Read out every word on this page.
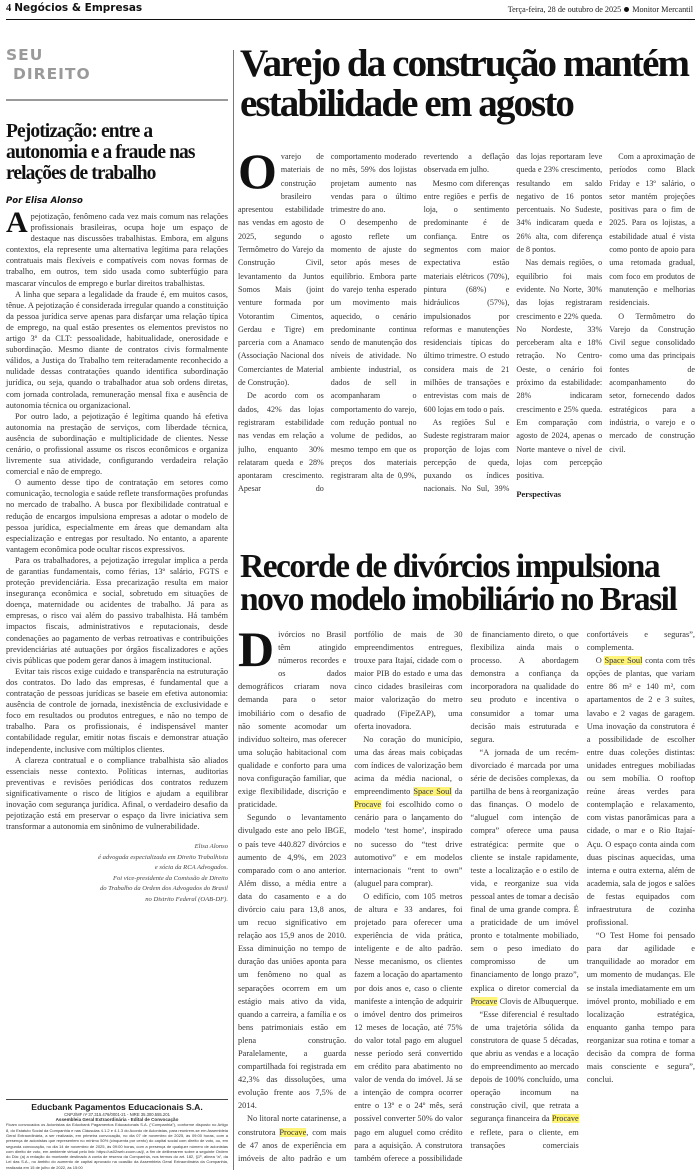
4 Negócios & Empresas	Terça-feira, 28 de outubro de 2025 Monitor Mercantil
SEU
DIREITO
Pejotização: entre a autonomia e a fraude nas relações de trabalho
Por Elisa Alonso

Apejotização, fenômeno cada vez mais comum nas relações profissionais brasileiras, ocupa hoje um espaço de destaque nas discussões trabalhistas. Embora, em alguns contextos, ela represente uma alternativa legítima para relações contratuais mais flexíveis e compatíveis com novas formas de trabalho, em outros, tem sido usada como subterfúgio para mascarar vínculos de emprego e burlar direitos trabalhistas.

A linha que separa a legalidade da fraude é, em muitos casos, tênue. A pejotização é considerada irregular quando a constituição da pessoa jurídica serve apenas para disfarçar uma relação típica de emprego, na qual estão presentes os elementos previstos no artigo 3º da CLT: pessoalidade, habitualidade, onerosidade e subordinação. Mesmo diante de contratos civis formalmente válidos, a Justiça do Trabalho tem reiteradamente reconhecido a nulidade dessas contratações quando identifica subordinação jurídica, ou seja, quando o trabalhador atua sob ordens diretas, com jornada controlada, remuneração mensal fixa e ausência de autonomia técnica ou organizacional.

Por outro lado, a pejotização é legítima quando há efetiva autonomia na prestação de serviços, com liberdade técnica, ausência de subordinação e multiplicidade de clientes. Nesse cenário, o profissional assume os riscos econômicos e organiza livremente sua atividade, configurando verdadeira relação comercial e não de emprego.

O aumento desse tipo de contratação em setores como comunicação, tecnologia e saúde reflete transformações profundas no mercado de trabalho. A busca por flexibilidade contratual e redução de encargos impulsiona empresas a adotar o modelo de pessoa jurídica, especialmente em áreas que demandam alta especialização e entregas por resultado. No entanto, a aparente vantagem econômica pode ocultar riscos expressivos.

Para os trabalhadores, a pejotização irregular implica a perda de garantias fundamentais, como férias, 13º salário, FGTS e proteção previdenciária. Essa precarização resulta em maior insegurança econômica e social, sobretudo em situações de doença, maternidade ou acidentes de trabalho. Já para as empresas, o risco vai além do passivo trabalhista. Há também impactos fiscais, administrativos e reputacionais, desde condenações ao pagamento de verbas retroativas e contribuições previdenciárias até autuações por órgãos fiscalizadores e ações civis públicas que podem gerar danos à imagem institucional.

Evitar tais riscos exige cuidado e transparência na estruturação dos contratos. Do lado das empresas, é fundamental que a contratação de pessoas jurídicas se baseie em efetiva autonomia: ausência de controle de jornada, inexistência de exclusividade e foco em resultados ou produtos entregues, e não no tempo de trabalho. Para os profissionais, é indispensável manter contabilidade regular, emitir notas fiscais e demonstrar atuação independente, inclusive com múltiplos clientes.

A clareza contratual e o compliance trabalhista são aliados essenciais nesse contexto. Políticas internas, auditorias preventivas e revisões periódicas dos contratos reduzem significativamente o risco de litígios e ajudam a equilibrar inovação com segurança jurídica. Afinal, o verdadeiro desafio da pejotização está em preservar o espaço da livre iniciativa sem transformar a autonomia em sinônimo de vulnerabilidade.

Elisa Alonso
é advogada especializada em Direito Trabalhista
e sócia da RCA Advogados.
Foi vice-presidente da Comissão de Direito
do Trabalho da Ordem dos Advogados do Brasil
no Distrito Federal (OAB-DF).
Educbank Pagamentos Educacionais S.A.
CNPJ/MF nº 37.315.476/0001-21 - NIRE 35.300.555.201
Assembleia Geral Extraordinária - Edital de Convocação
Ficam convocados os Acionistas da Educbank Pagamentos Educacionais S.A. (“Companhia”), conforme disposto no Artigo 8, do Estatuto Social da Companhia e nas Cláusulas 4.1.2 e 4.1.3 do Acordo de Acionistas, para reunirem-se em Assembleia Geral Extraordinária, a ser realizada, em primeira convocação, no dia 07 de novembro de 2025, às 09:00 horas, com a presença de acionistas que representem no mínimo 50% (cinquenta por cento) do capital social com direito de voto, ou, em segunda convocação, no dia 14 de novembro de 2025, às 09:00 horas, com a presença de qualquer número de acionistas com direito de voto, em ambiente virtual pelo link: https://us02web.zoom.us/j/, a fim de deliberarem sobre a seguinte Ordem do Dia: (a) a redação do montante destinado à conta de reserva da Companhia, nos termos do art. 182, §1º, alínea “a”, da Lei das S.A., no âmbito do aumento de capital aprovado na ocasião da Assembleia Geral Extraordinária da Companhia, realizada em 15 de julho de 2022, às 15:00
Varejo da construção mantém
estabilidade em agosto

Ovarejo de materiais de construção brasileiro apresentou estabilidade nas vendas em agosto de 2025, segundo o Termômetro do Varejo da Construção Civil, levantamento da Juntos Somos Mais (joint venture formada por Votorantim Cimentos, Gerdau e Tigre) em parceria com a Anamaco (Associação Nacional dos Comerciantes de Material de Construção).

De acordo com os dados, 42% das lojas registraram estabilidade nas vendas em relação a julho, enquanto 30% relataram queda e 28% apontaram crescimento. Apesar do comportamento moderado no mês, 59% dos lojistas projetam aumento nas vendas para o último trimestre do ano.

O desempenho de agosto reflete um momento de ajuste do setor após meses de equilíbrio. Embora parte do varejo tenha esperado um movimento mais aquecido, o cenário predominante continua sendo de manutenção dos níveis de atividade. No ambiente industrial, os dados de sell in acompanharam o comportamento do varejo, com redução pontual no volume de pedidos, ao mesmo tempo em que os preços dos materiais registraram alta de 0,9%, revertendo a deflação observada em julho.

Mesmo com diferenças entre regiões e perfis de loja, o sentimento predominante é de confiança. Entre os segmentos com maior expectativa estão materiais elétricos (70%), pintura (68%) e hidráulicos (57%), impulsionados por reformas e manutenções residenciais típicas do último trimestre. O estudo considera mais de 21 milhões de transações e entrevistas com mais de 600 lojas em todo o país.

As regiões Sul e Sudeste registraram maior proporção de lojas com percepção de queda, puxando os índices nacionais. No Sul, 39% das lojas reportaram leve queda e 23% crescimento, resultando em saldo negativo de 16 pontos percentuais. No Sudeste, 34% indicaram queda e 26% alta, com diferença de 8 pontos.

Nas demais regiões, o equilíbrio foi mais evidente. No Norte, 30% das lojas registraram crescimento e 22% queda. No Nordeste, 33% perceberam alta e 18% retração. No Centro-Oeste, o cenário foi próximo da estabilidade: 28% indicaram crescimento e 25% queda. Em comparação com agosto de 2024, apenas o Norte manteve o nível de lojas com percepção positiva.

Perspectivas

Com a aproximação de períodos como Black Friday e 13º salário, o setor mantém projeções positivas para o fim de 2025. Para os lojistas, a estabilidade atual é vista como ponto de apoio para uma retomada gradual, com foco em produtos de manutenção e melhorias residenciais.

O Termômetro do Varejo da Construção Civil segue consolidado como uma das principais fontes de acompanhamento do setor, fornecendo dados estratégicos para a indústria, o varejo e o mercado de construção civil.

Recorde de divórcios impulsiona
novo modelo imobiliário no Brasil

Divórcios no Brasil têm atingido números recordes e os dados demográficos criaram nova demanda para o setor imobiliário com o desafio de não somente acomodar um indivíduo solteiro, mas oferecer uma solução habitacional com qualidade e conforto para uma nova configuração familiar, que exige flexibilidade, discrição e praticidade.

Segundo o levantamento divulgado este ano pelo IBGE, o país teve 440.827 divórcios e aumento de 4,9%, em 2023 comparado com o ano anterior. Além disso, a média entre a data do casamento e a do divórcio caiu para 13,8 anos, um recuo significativo em relação aos 15,9 anos de 2010. Essa diminuição no tempo de duração das uniões aponta para um fenômeno no qual as separações ocorrem em um estágio mais ativo da vida, quando a carreira, a família e os bens patrimoniais estão em plena construção. Paralelamente, a guarda compartilhada foi registrada em 42,3% das dissoluções, uma evolução frente aos 7,5% de 2014.

No litoral norte catarinense, a construtora Procave, com mais de 47 anos de experiência em imóveis de alto padrão e um portfólio de mais de 30 empreendimentos entregues, trouxe para Itajaí, cidade com o maior PIB do estado e uma das cinco cidades brasileiras com maior valorização do metro quadrado (FipeZAP), uma oferta inovadora.

No coração do município, uma das áreas mais cobiçadas com índices de valorização bem acima da média nacional, o empreendimento Space Soul da Procave foi escolhido como o cenário para o lançamento do modelo ‘test home’, inspirado no sucesso do “test drive automotivo” e em modelos internacionais “rent to own” (aluguel para comprar).

O edifício, com 105 metros de altura e 33 andares, foi projetado para oferecer uma experiência de vida prática, inteligente e de alto padrão. Nesse mecanismo, os clientes fazem a locação do apartamento por dois anos e, caso o cliente manifeste a intenção de adquirir o imóvel dentro dos primeiros 12 meses de locação, até 75% do valor total pago em aluguel nesse período será convertido em crédito para abatimento no valor de venda do imóvel. Já se a intenção de compra ocorrer entre o 13º e o 24º mês, será possível converter 50% do valor pago em aluguel como crédito para a aquisição. A construtora também oferece a possibilidade de financiamento direto, o que flexibiliza ainda mais o processo. A abordagem demonstra a confiança da incorporadora na qualidade do seu produto e incentiva o consumidor a tomar uma decisão mais estruturada e segura.

“A jornada de um recém-divorciado é marcada por uma série de decisões complexas, da partilha de bens à reorganização das finanças. O modelo de “aluguel com intenção de compra” oferece uma pausa estratégica: permite que o cliente se instale rapidamente, teste a localização e o estilo de vida, e reorganize sua vida pessoal antes de tomar a decisão final de uma grande compra. É a praticidade de um imóvel pronto e totalmente mobiliado, sem o peso imediato do compromisso de um financiamento de longo prazo”, explica o diretor comercial da Procave Clovis de Albuquerque.

“Esse diferencial é resultado de uma trajetória sólida da construtora de quase 5 décadas, que abriu as vendas e a locação do empreendimento ao mercado depois de 100% concluído, uma operação incomum na construção civil, que retrata a segurança financeira da Procave e reflete, para o cliente, em transações comerciais confortáveis e seguras”, complementa.

O Space Soul conta com três opções de plantas, que variam entre 86 m² e 140 m², com apartamentos de 2 e 3 suítes, lavabo e 2 vagas de garagem. Uma inovação da construtora é a possibilidade de escolher entre duas coleções distintas: unidades entregues mobiliadas ou sem mobília. O rooftop reúne áreas verdes para contemplação e relaxamento, com vistas panorâmicas para a cidade, o mar e o Rio Itajaí-Açu. O espaço conta ainda com duas piscinas aquecidas, uma interna e outra externa, além de academia, sala de jogos e salões de festas equipados com infraestrutura de cozinha profissional.

“O Test Home foi pensado para dar agilidade e tranquilidade ao morador em um momento de mudanças. Ele se instala imediatamente em um imóvel pronto, mobiliado e em localização estratégica, enquanto ganha tempo para reorganizar sua rotina e tomar a decisão da compra de forma mais consciente e segura”, conclui.
